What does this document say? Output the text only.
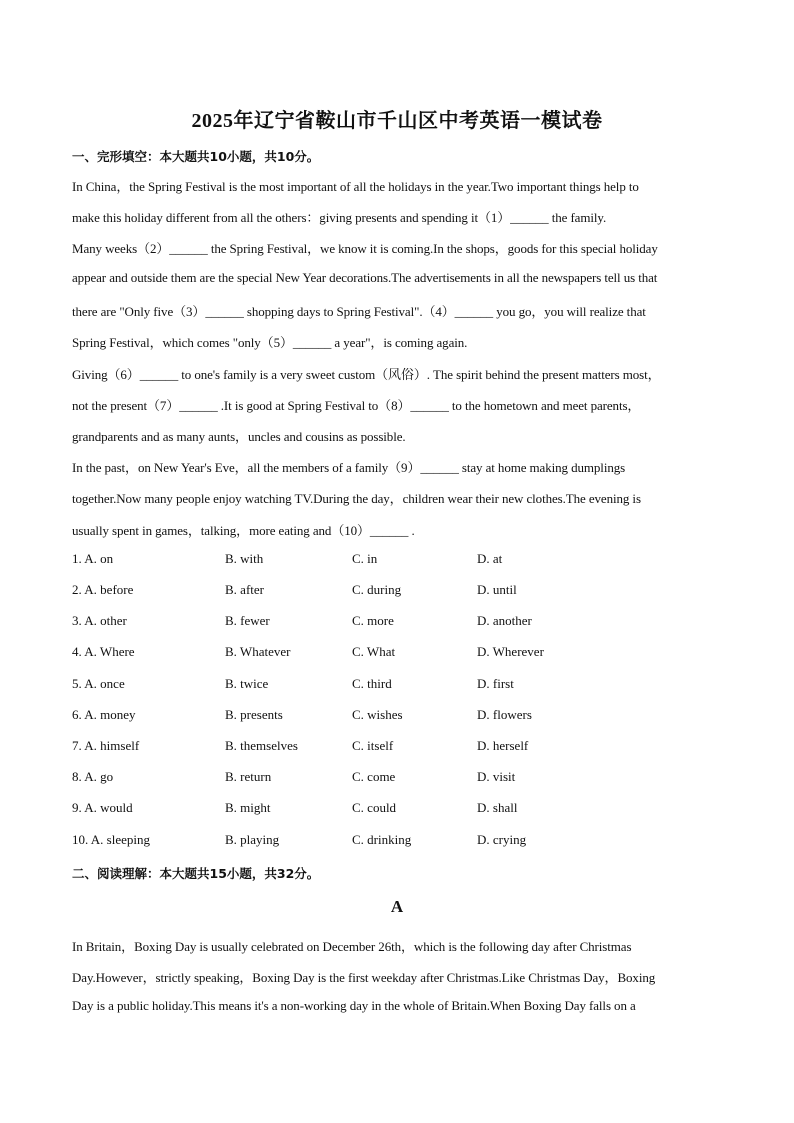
2025年辽宁省鞍山市千山区中考英语一模试卷
一、完形填空：本大题共10小题，共10分。
In China，the Spring Festival is the most important of all the holidays in the year.Two important things help to
make this holiday different from all the others：giving presents and spending it（1）______ the family.
Many weeks（2）______ the Spring Festival，we know it is coming.In the shops，goods for this special holiday
appear and outside them are the special New Year decorations.The advertisements in all the newspapers tell us that
there are "Only five（3）______ shopping days to Spring Festival".（4）______ you go，you will realize that
Spring Festival，which comes "only（5）______ a year"，is coming again.
Giving（6）______ to one's family is a very sweet custom（风俗）. The spirit behind the present matters most，
not the present（7）______ .It is good at Spring Festival to（8）______ to the hometown and meet parents，
grandparents and as many aunts，uncles and cousins as possible.
In the past，on New Year's Eve，all the members of a family（9）______ stay at home making dumplings
together.Now many people enjoy watching TV.During the day，children wear their new clothes.The evening is
usually spent in games，talking，more eating and（10）______ .
1. A. on	B. with	C. in	D. at
2. A. before	B. after	C. during	D. until
3. A. other	B. fewer	C. more	D. another
4. A. Where	B. Whatever	C. What	D. Wherever
5. A. once	B. twice	C. third	D. first
6. A. money	B. presents	C. wishes	D. flowers
7. A. himself	B. themselves	C. itself	D. herself
8. A. go	B. return	C. come	D. visit
9. A. would	B. might	C. could	D. shall
10. A. sleeping	B. playing	C. drinking	D. crying
二、阅读理解：本大题共15小题，共32分。
A
In Britain，Boxing Day is usually celebrated on December 26th，which is the following day after Christmas
Day.However，strictly speaking，Boxing Day is the first weekday after Christmas.Like Christmas Day，Boxing
Day is a public holiday.This means it's a non-working day in the whole of Britain.When Boxing Day falls on a
